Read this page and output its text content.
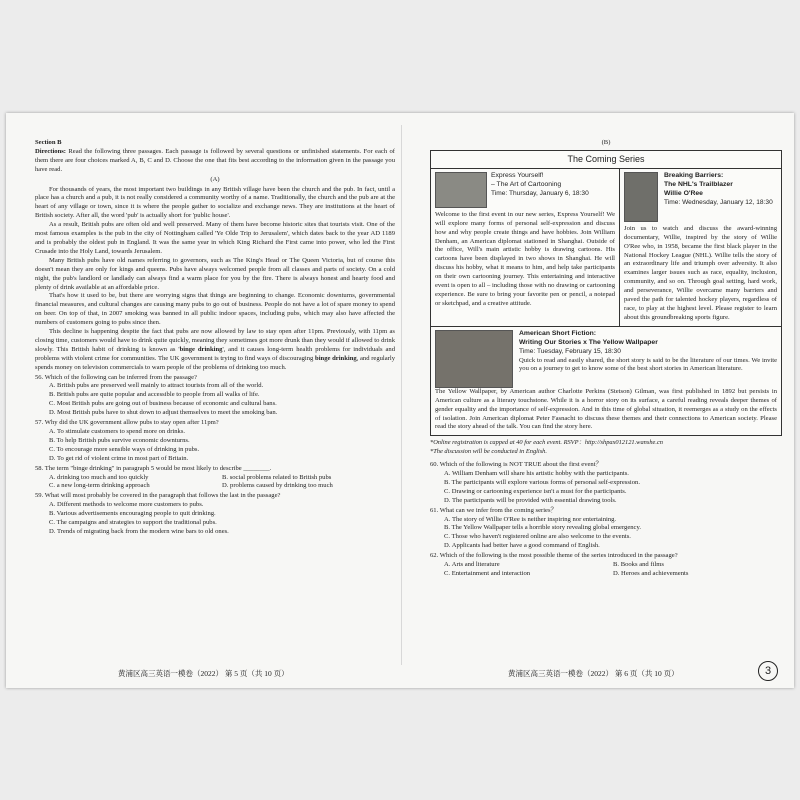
Section B

Directions: Read the following three passages. Each passage is followed by several questions or unfinished statements. For each of them there are four choices marked A, B, C and D. Choose the one that fits best according to the information given in the passage you have read.

(A)

For thousands of years, the most important two buildings in any British village have been the church and the pub. In fact, until a place has a church and a pub, it is not really considered a community worthy of a name. Traditionally, the church and the pub are at the heart of any village or town, since it is where the people gather to socialize and exchange news. They are institutions at the heart of British society. After all, the word 'pub' is actually short for 'public house'.

As a result, British pubs are often old and well preserved. Many of them have become historic sites that tourists visit. One of the most famous examples is the pub in the city of Nottingham called 'Ye Olde Trip to Jerusalem', which dates back to the year AD 1189 and is probably the oldest pub in England. It was the same year in which King Richard the First came into power, who led the First Crusade into the Holy Land, towards Jerusalem.

Many British pubs have old names referring to governors, such as The King's Head or The Queen Victoria, but of course this doesn't mean they are only for kings and queens. Pubs have always welcomed people from all classes and parts of society. On a cold night, the pub's landlord or landlady can always find a warm place for you by the fire. There is always honest and hearty food and plenty of drink available at an affordable price.

That's how it used to be, but there are worrying signs that things are beginning to change. Economic downturns, governmental financial measures, and cultural changes are causing many pubs to go out of business. People do not have a lot of spare money to spend on beer. On top of that, in 2007 smoking was banned in all public indoor spaces, including pubs, which may also have affected the numbers of customers going to pubs since then.

This decline is happening despite the fact that pubs are now allowed by law to stay open after 11pm. Previously, with 11pm as closing time, customers would have to drink quite quickly, meaning they sometimes got more drunk than they would if allowed to drink slowly. This British habit of drinking is known as 'binge drinking', and it causes long-term health problems for individuals and problems with violent crime for communities. The UK government is trying to find ways of discouraging binge drinking, and regularly spends money on television commercials to warn people of the problems of drinking too much.

56. Which of the following can be inferred from the passage?

A. British pubs are preserved well mainly to attract tourists from all of the world.

B. British pubs are quite popular and accessible to people from all walks of life.

C. Most British pubs are going out of business because of economic and cultural bans.

D. Most British pubs have to shut down to adjust themselves to meet the smoking ban.

57. Why did the UK government allow pubs to stay open after 11pm?

A. To stimulate customers to spend more on drinks.

B. To help British pubs survive economic downturns.

C. To encourage more sensible ways of drinking in pubs.

D. To get rid of violent crime in most part of Britain.

58. The term "binge drinking" in paragraph 5 would be most likely to describe ________.

A. drinking too much and too quickly	B. social problems related to British pubs
C. a new long-term drinking approach	D. problems caused by drinking too much

59. What will most probably be covered in the paragraph that follows the last in the passage?

A. Different methods to welcome more customers to pubs.

B. Various advertisements encouraging people to quit drinking.

C. The campaigns and strategies to support the traditional pubs.

D. Trends of migrating back from the modern wine bars to old ones.

黄浦区高三英语一模卷（2022） 第 5 页（共 10 页）

(B)

The Coming Series
Express Yourself!
– The Art of Cartooning
Time: Thursday, January 6, 18:30

Welcome to the first event in our new series, Express Yourself! We will explore many forms of personal self-expression and discuss how and why people create things and have hobbies. Join William Denham, an American diplomat stationed in Shanghai. Outside of the office, Will's main artistic hobby is drawing cartoons. His cartoons have been displayed in two shows in Shanghai. He will discuss his hobby, what it means to him, and help take participants on their own cartooning journey. This entertaining and interactive event is open to all – including those with no drawing or cartooning experience. Be sure to bring your favorite pen or pencil, a notepad or sketchpad, and a creative attitude.

Breaking Barriers:
The NHL's Trailblazer
Willie O'Ree
Time: Wednesday, January 12, 18:30

Join us to watch and discuss the award-winning documentary, Willie, inspired by the story of Willie O'Ree who, in 1958, became the first black player in the National Hockey League (NHL). Willie tells the story of an extraordinary life and triumph over adversity. It also examines larger issues such as race, equality, inclusion, community, and so on. Through goal setting, hard work, and perseverance, Willie overcame many barriers and paved the path for talented hockey players, regardless of race, to play at the highest level. Please register to learn about this groundbreaking sports figure.

American Short Fiction:
Writing Our Stories x The Yellow Wallpaper
Time: Tuesday, February 15, 18:30

Quick to read and easily shared, the short story is said to be the literature of our times. We invite you on a journey to get to know some of the best short stories in American literature.

The Yellow Wallpaper, by American author Charlotte Perkins (Stetson) Gilman, was first published in 1892 but persists in American culture as a literary touchstone. While it is a horror story on its surface, a careful reading reveals deeper themes of gender equality and the importance of self-expression. And in this time of global situation, it reemerges as a study on the effects of isolation. Join American diplomat Peter Fasnacht to discuss these themes and their connections to American society. Please read the story ahead of the talk. You can find the story here.

*Online registration is capped at 40 for each event. RSVP：http://shpax012121.wanshe.cn

*The discussion will be conducted in English.

60. Which of the following is NOT TRUE about the first event？

A. William Denham will share his artistic hobby with the participants.

B. The participants will explore various forms of personal self-expression.

C. Drawing or cartooning experience isn't a must for the participants.

D. The participants will be provided with essential drawing tools.

61. What can we infer from the coming series？

A. The story of Willie O'Ree is neither inspiring nor entertaining.

B. The Yellow Wallpaper tells a horrible story revealing global emergency.

C. Those who haven't registered online are also welcome to the events.

D. Applicants had better have a good command of English.

62. Which of the following is the most possible theme of the series introduced in the passage?

A. Arts and literature	B. Books and films
C. Entertainment and interaction	D. Heroes and achievements
黄浦区高三英语一模卷（2022） 第 6 页（共 10 页）	3
